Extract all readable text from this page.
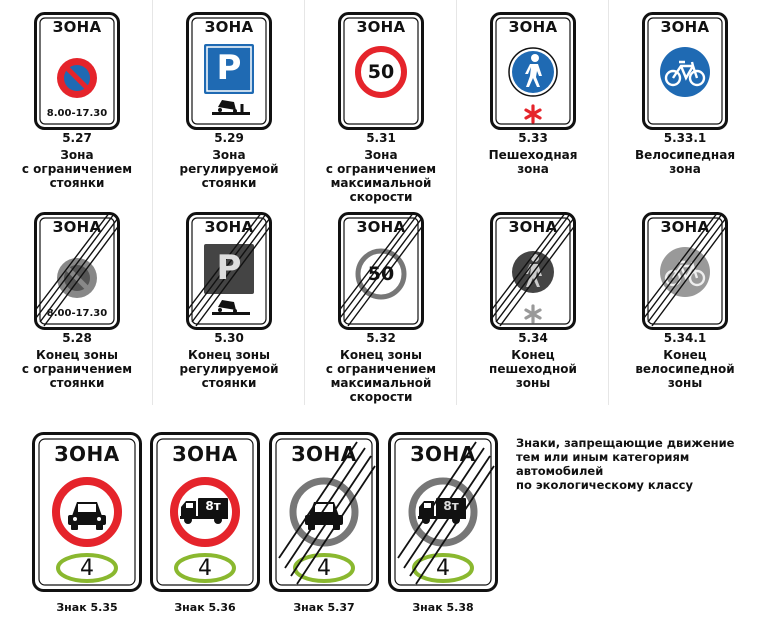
ЗОНА
8.00-17.30
5.27
Зона
с ограничением
стоянки
ЗОНА
P
5.29
Зона
регулируемой
стоянки
ЗОНА
50
5.31
Зона
с ограничением
максимальной
скорости
ЗОНА
5.33
Пешеходная
зона
ЗОНА
5.33.1
Велосипедная
зона
ЗОНА
8.00-17.30
5.28
Конец зоны
с ограничением
стоянки
ЗОНА
P
5.30
Конец зоны
регулируемой
стоянки
ЗОНА
50
5.32
Конец зоны
с ограничением
максимальной
скорости
ЗОНА
5.34
Конец
пешеходной
зоны
ЗОНА
5.34.1
Конец
велосипедной
зоны
ЗОНА
4
Знак 5.35
ЗОНА
8т
4
Знак 5.36
ЗОНА
4
Знак 5.37
ЗОНА
8т
4
Знак 5.38
Знаки, запрещающие движение
тем или иным категориям
автомобилей
по экологическому классу
